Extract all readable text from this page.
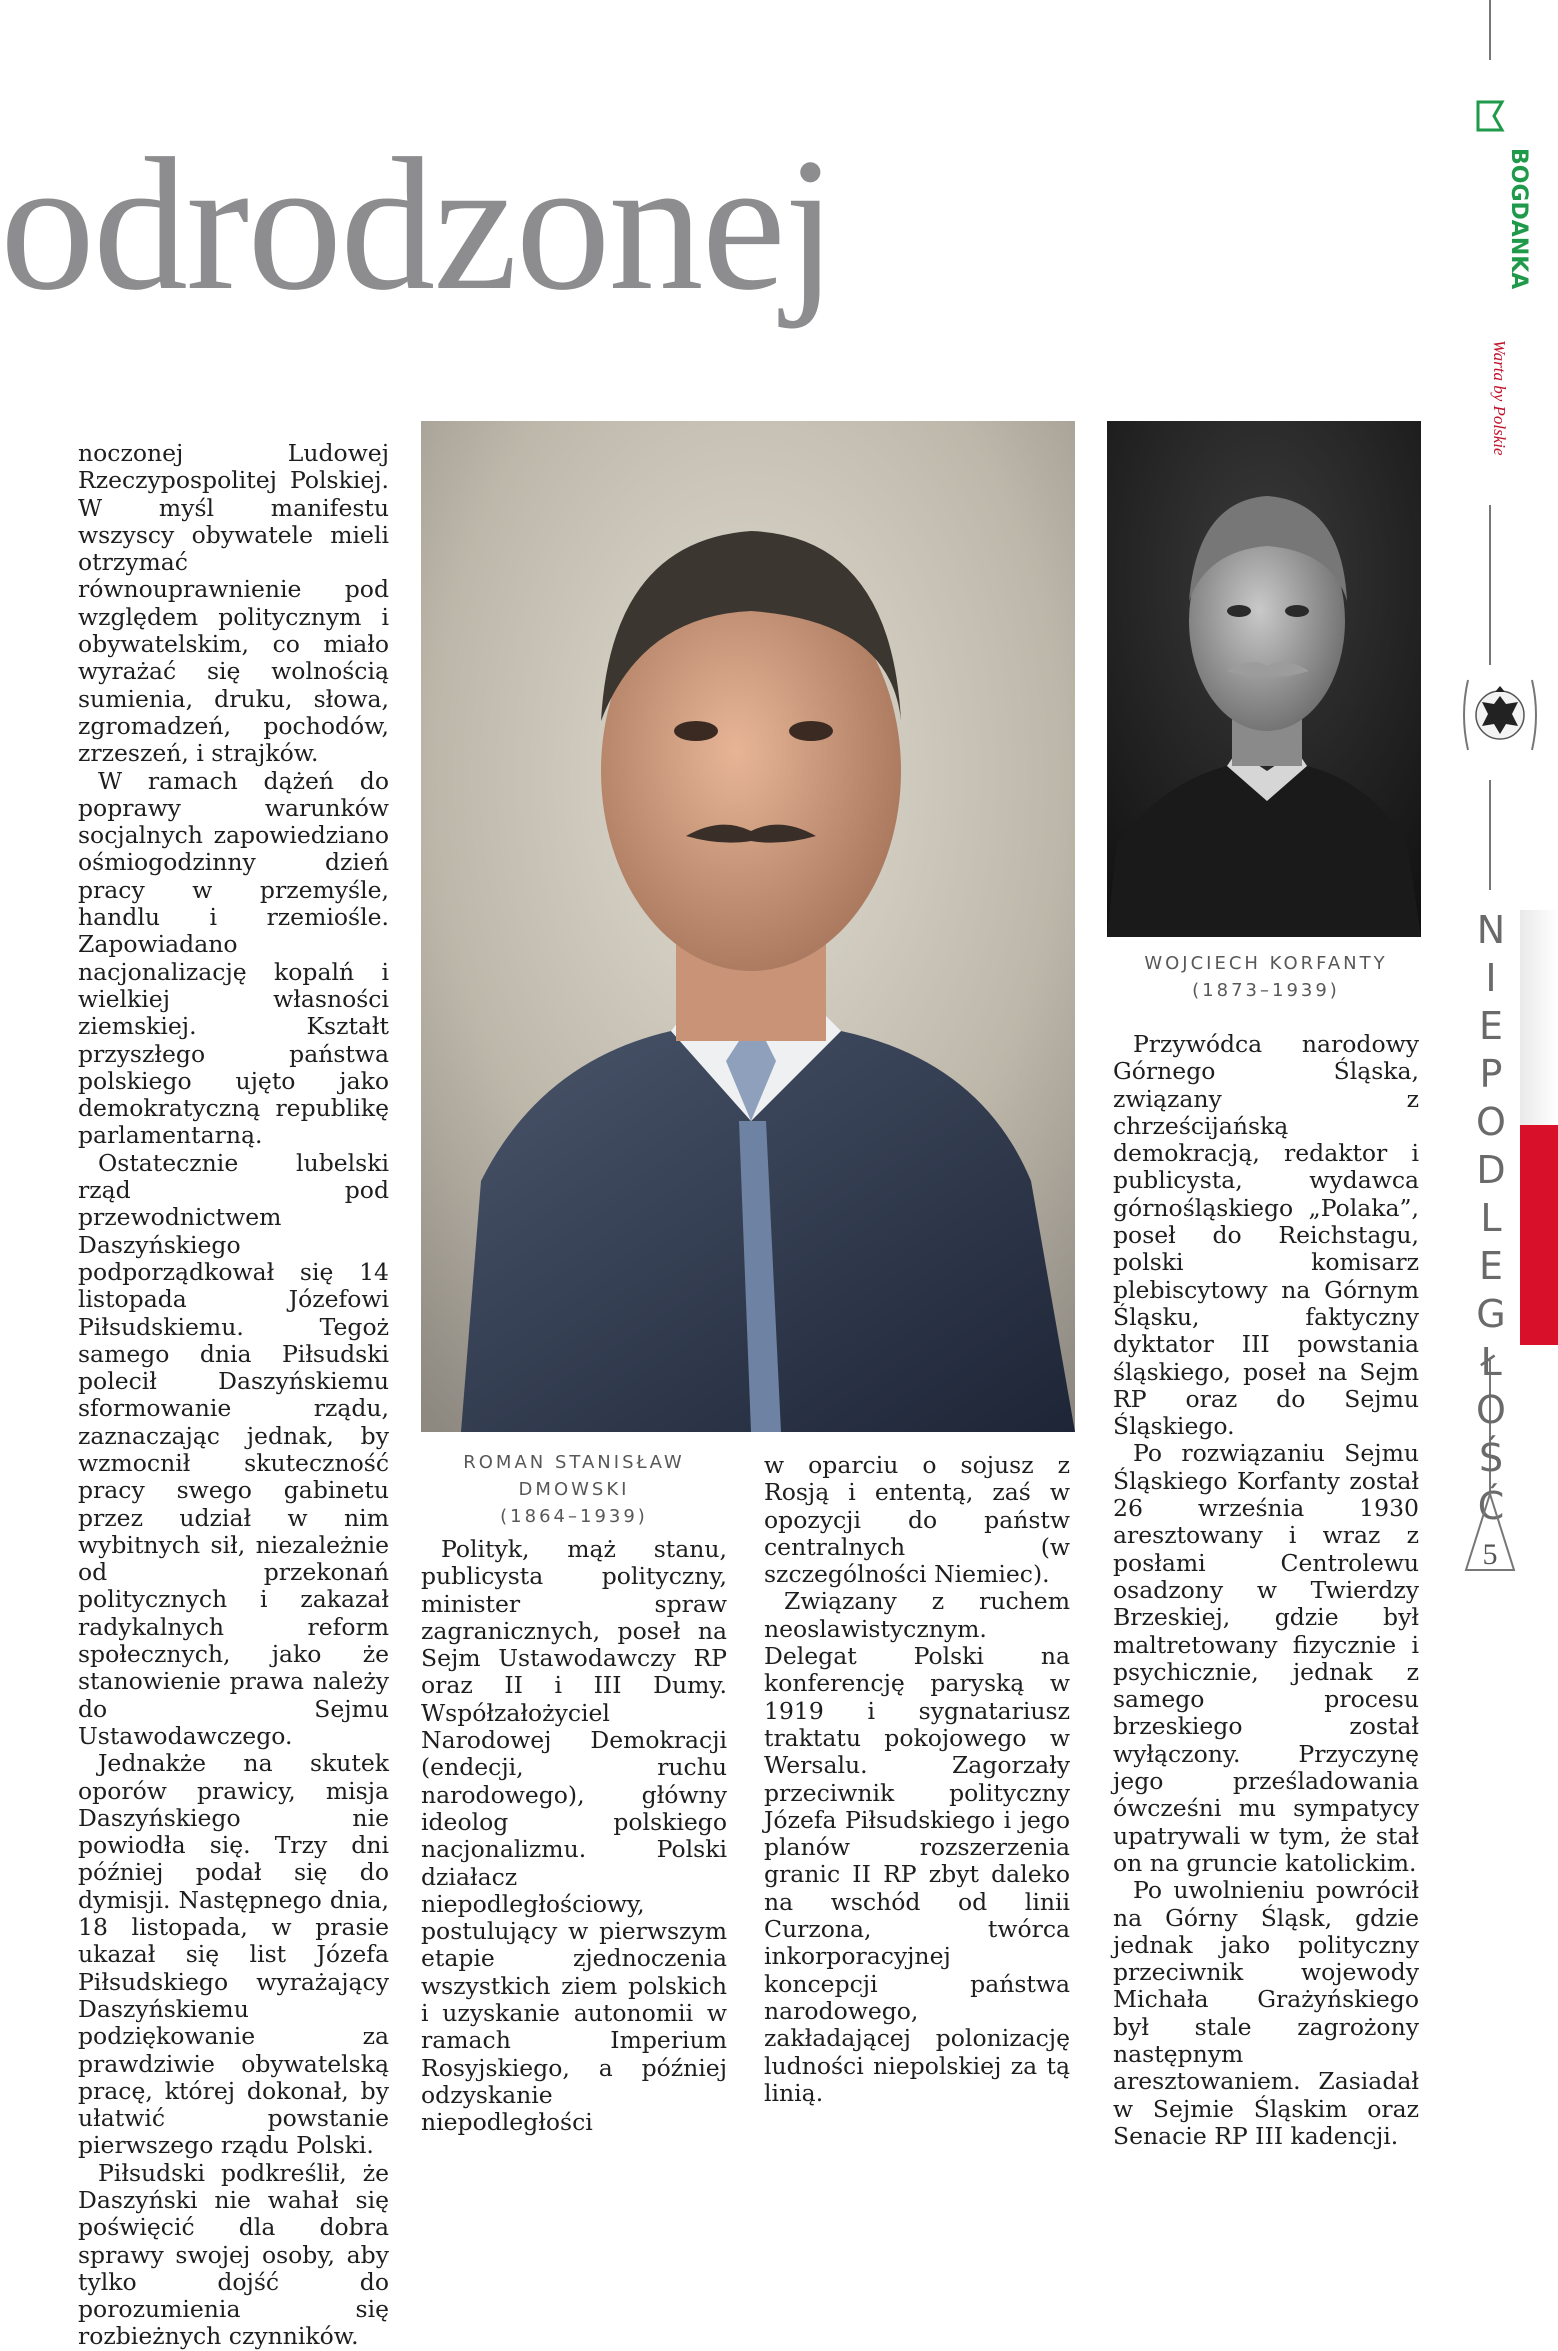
odrodzonej

noczonej Ludowej Rzeczypospolitej Polskiej. W myśl manifestu wszyscy obywatele mieli otrzymać równouprawnienie pod względem politycznym i obywatelskim, co miało wyrażać się wolnością sumienia, druku, słowa, zgromadzeń, pochodów, zrzeszeń, i strajków.

W ramach dążeń do poprawy warunków socjalnych zapowiedziano ośmiogodzinny dzień pracy w przemyśle, handlu i rzemiośle. Zapowiadano nacjonalizację kopalń i wielkiej własności ziemskiej. Kształt przyszłego państwa polskiego ujęto jako demokratyczną republikę parlamentarną.

Ostatecznie lubelski rząd pod przewodnictwem Daszyńskiego podporządkował się 14 listopada Józefowi Piłsudskiemu. Tegoż samego dnia Piłsudski polecił Daszyńskiemu sformowanie rządu, zaznaczając jednak, by wzmocnił skuteczność pracy swego gabinetu przez udział w nim wybitnych sił, niezależnie od przekonań politycznych i zakazał radykalnych reform społecznych, jako że stanowienie prawa należy do Sejmu Ustawodawczego.

Jednakże na skutek oporów prawicy, misja Daszyńskiego nie powiodła się. Trzy dni później podał się do dymisji. Następnego dnia, 18 listopada, w prasie ukazał się list Józefa Piłsudskiego wyrażający Daszyńskiemu podziękowanie za prawdziwie obywatelską pracę, której dokonał, by ułatwić powstanie pierwszego rządu Polski.

Piłsudski podkreślił, że Daszyński nie wahał się poświęcić dla dobra sprawy swojej osoby, aby tylko dojść do porozumienia się rozbieżnych czynników.

ROMAN STANISŁAW DMOWSKI
(1864–1939)

Polityk, mąż stanu, publicysta polityczny, minister spraw zagranicznych, poseł na Sejm Ustawodawczy RP oraz II i III Dumy. Współzałożyciel Narodowej Demokracji (endecji, ruchu narodowego), główny ideolog polskiego nacjonalizmu. Polski działacz niepodległościowy, postulujący w pierwszym etapie zjednoczenia wszystkich ziem polskich i uzyskanie autonomii w ramach Imperium Rosyjskiego, a później odzyskanie niepodległości

w oparciu o sojusz z Rosją i ententą, zaś w opozycji do państw centralnych (w szczególności Niemiec).

Związany z ruchem neoslawistycznym. Delegat Polski na konferencję paryską w 1919 i sygnatariusz traktatu pokojowego w Wersalu. Zagorzały przeciwnik polityczny Józefa Piłsudskiego i jego planów rozszerzenia granic II RP zbyt daleko na wschód od linii Curzona, twórca inkorporacyjnej koncepcji państwa narodowego, zakładającej polonizację ludności niepolskiej za tą linią.

WOJCIECH KORFANTY
(1873–1939)

Przywódca narodowy Górnego Śląska, związany z chrześcijańską demokracją, redaktor i publicysta, wydawca górnośląskiego „Polaka”, poseł do Reichstagu, polski komisarz plebiscytowy na Górnym Śląsku, faktyczny dyktator III powstania śląskiego, poseł na Sejm RP oraz do Sejmu Śląskiego.

Po rozwiązaniu Sejmu Śląskiego Korfanty został 26 września 1930 aresztowany i wraz z posłami Centrolewu osadzony w Twierdzy Brzeskiej, gdzie był maltretowany fizycznie i psychicznie, jednak z samego procesu brzeskiego został wyłączony. Przyczynę jego prześladowania ówcześni mu sympatycy upatrywali w tym, że stał on na gruncie katolickim.

Po uwolnieniu powrócił na Górny Śląsk, gdzie jednak jako polityczny przeciwnik wojewody Michała Grażyńskiego był stale zagrożony następnym aresztowaniem. Zasiadał w Sejmie Śląskim oraz Senacie RP III kadencji.

BOGDANKA
Warta by Polskie
N
I
E
P
O
D
L
E
G
Ł
O
Ś
Ć
5
